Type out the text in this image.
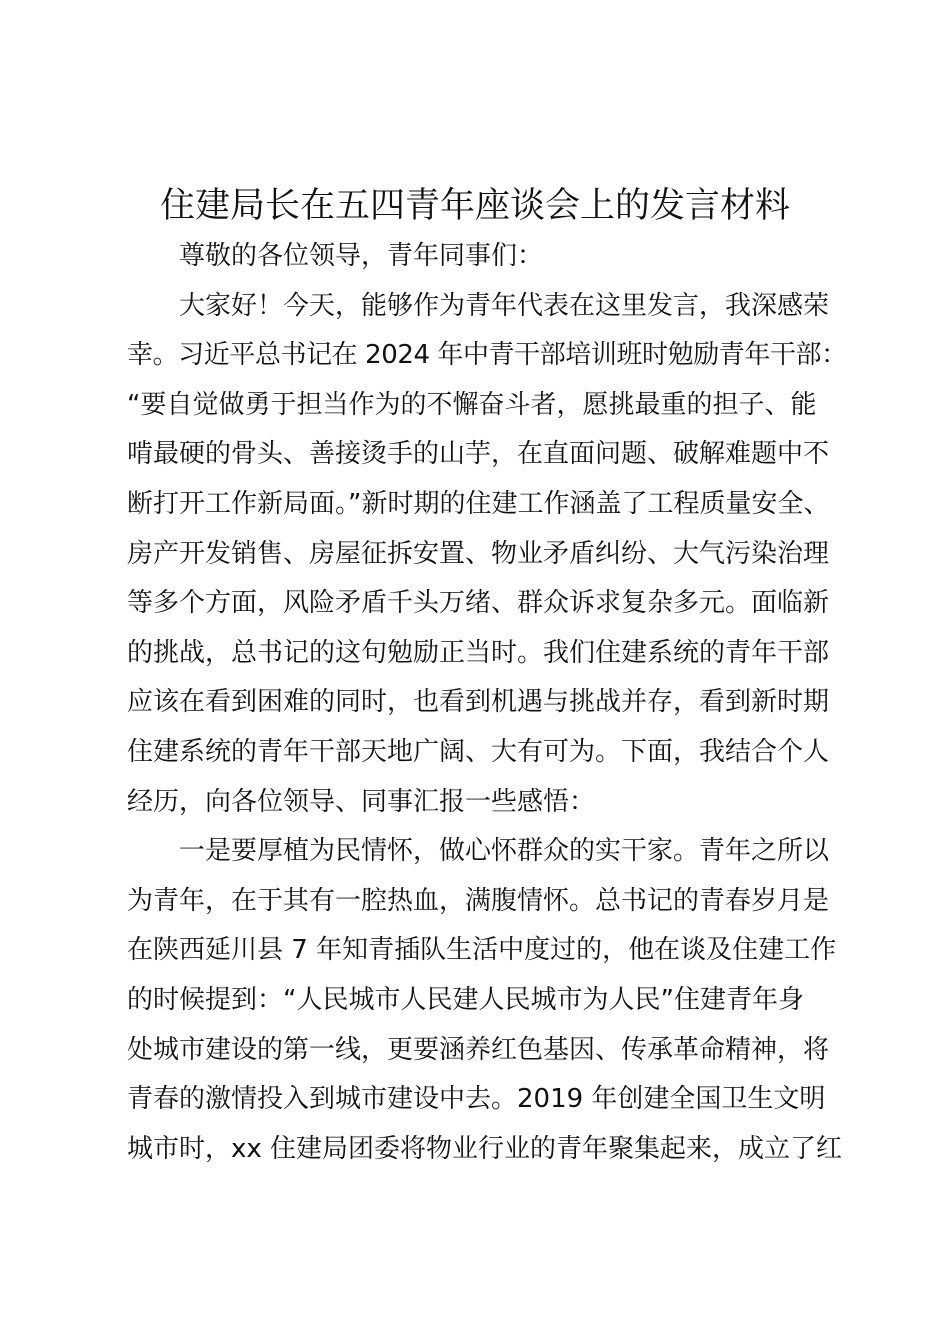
住建局长在五四青年座谈会上的发言材料
尊敬的各位领导，青年同事们：
大家好！今天，能够作为青年代表在这里发言，我深感荣
幸。习近平总书记在 2024 年中青干部培训班时勉励青年干部：
“要自觉做勇于担当作为的不懈奋斗者，愿挑最重的担子、能
啃最硬的骨头、善接烫手的山芋，在直面问题、破解难题中不
断打开工作新局面。”新时期的住建工作涵盖了工程质量安全、
房产开发销售、房屋征拆安置、物业矛盾纠纷、大气污染治理
等多个方面，风险矛盾千头万绪、群众诉求复杂多元。面临新
的挑战，总书记的这句勉励正当时。我们住建系统的青年干部
应该在看到困难的同时，也看到机遇与挑战并存，看到新时期
住建系统的青年干部天地广阔、大有可为。下面，我结合个人
经历，向各位领导、同事汇报一些感悟：
一是要厚植为民情怀，做心怀群众的实干家。青年之所以
为青年，在于其有一腔热血，满腹情怀。总书记的青春岁月是
在陕西延川县 7 年知青插队生活中度过的，他在谈及住建工作
的时候提到：“人民城市人民建人民城市为人民”住建青年身
处城市建设的第一线，更要涵养红色基因、传承革命精神，将
青春的激情投入到城市建设中去。2019 年创建全国卫生文明
城市时，xx 住建局团委将物业行业的青年聚集起来，成立了红
